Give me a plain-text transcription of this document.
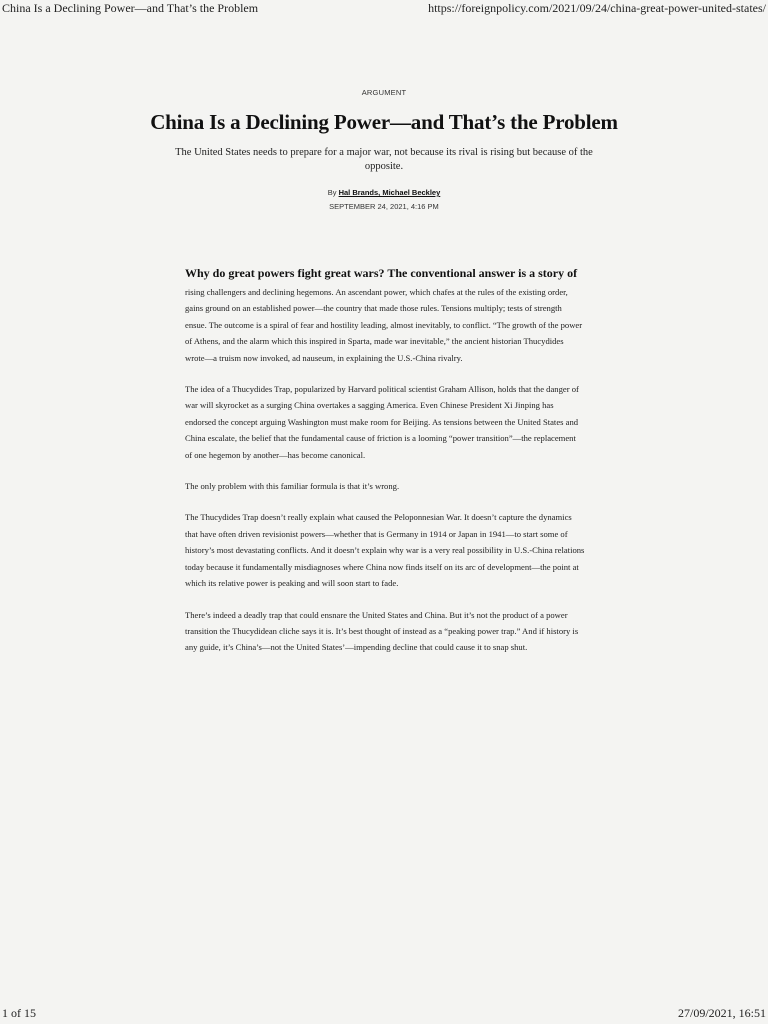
China Is a Declining Power—and That’s the Problem	https://foreignpolicy.com/2021/09/24/china-great-power-united-states/
ARGUMENT
China Is a Declining Power—and That’s the Problem
The United States needs to prepare for a major war, not because its rival is rising but because of the opposite.
By Hal Brands, Michael Beckley
SEPTEMBER 24, 2021, 4:16 PM
Why do great powers fight great wars? The conventional answer is a story of

rising challengers and declining hegemons. An ascendant power, which chafes at the rules of the existing order, gains ground on an established power—the country that made those rules. Tensions multiply; tests of strength ensue. The outcome is a spiral of fear and hostility leading, almost inevitably, to conflict. “The growth of the power of Athens, and the alarm which this inspired in Sparta, made war inevitable,” the ancient historian Thucydides wrote—a truism now invoked, ad nauseum, in explaining the U.S.-China rivalry.

The idea of a Thucydides Trap, popularized by Harvard political scientist Graham Allison, holds that the danger of war will skyrocket as a surging China overtakes a sagging America. Even Chinese President Xi Jinping has endorsed the concept arguing Washington must make room for Beijing. As tensions between the United States and China escalate, the belief that the fundamental cause of friction is a looming “power transition”—the replacement of one hegemon by another—has become canonical.

The only problem with this familiar formula is that it’s wrong.

The Thucydides Trap doesn’t really explain what caused the Peloponnesian War. It doesn’t capture the dynamics that have often driven revisionist powers—whether that is Germany in 1914 or Japan in 1941—to start some of history’s most devastating conflicts. And it doesn’t explain why war is a very real possibility in U.S.-China relations today because it fundamentally misdiagnoses where China now finds itself on its arc of development—the point at which its relative power is peaking and will soon start to fade.

There’s indeed a deadly trap that could ensnare the United States and China. But it’s not the product of a power transition the Thucydidean cliche says it is. It’s best thought of instead as a “peaking power trap.” And if history is any guide, it’s China’s—not the United States’—impending decline that could cause it to snap shut.

1 of 15	27/09/2021, 16:51
